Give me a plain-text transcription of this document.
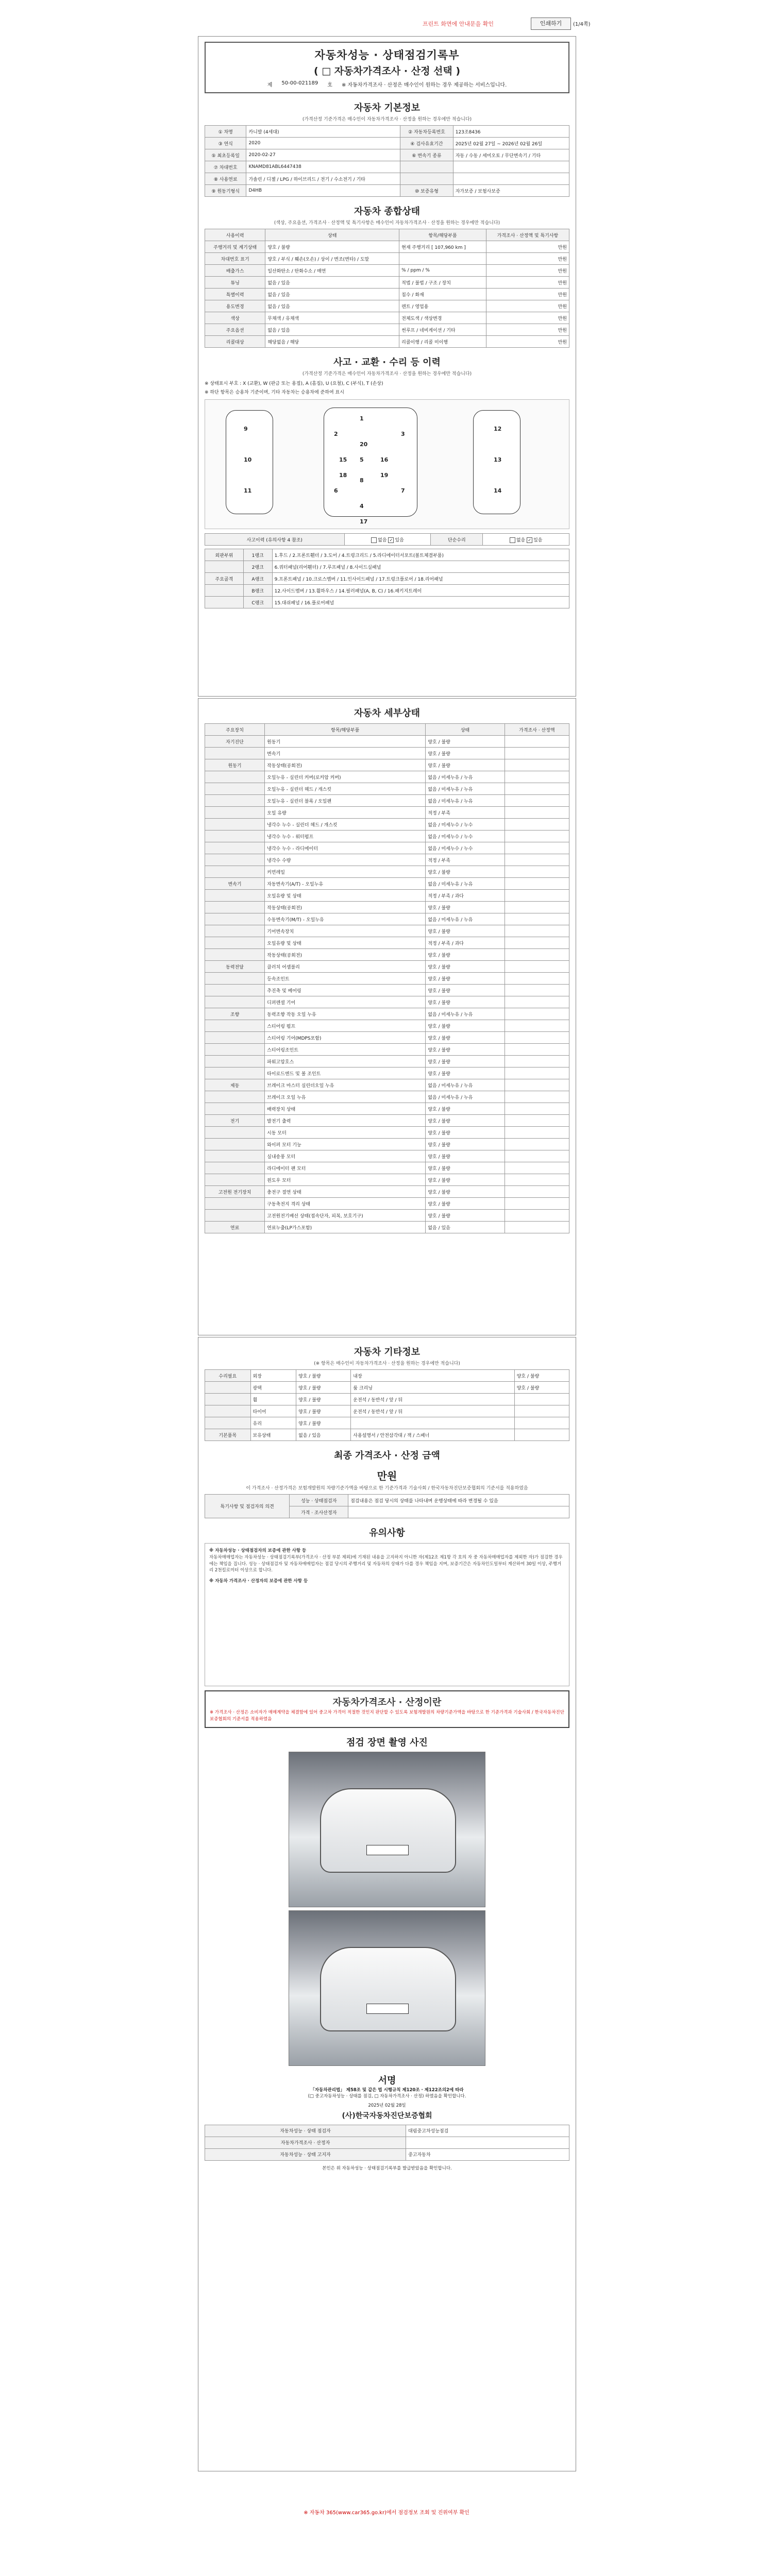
프린트 화면에 안내문을 확인	인쇄하기	(1/4쪽)
자동차성능 · 상태점검기록부
( □ 자동차가격조사 · 산정 선택 )
제 50-00-021189 호 ※ 자동차가격조사 · 산정은 매수인이 원하는 경우 제공하는 서비스입니다.
자동차 기본정보
(가격산정 기준가격은 매수인이 자동차가격조사 · 산정을 원하는 경우에만 적습니다)
① 차명	카니발 (4세대)	② 자동차등록번호	123조8436
③ 연식	2020	④ 검사유효기간	2025년 02월 27일 ~ 2026년 02월 26일
⑤ 최초등록일	2020-02-27	⑥ 변속기 종류	자동 / 수동 / 세미오토 / 무단변속기 / 기타
⑦ 차대번호	KNAMD81ABL6447438		
⑧ 사용연료	가솔린 / 디젤 / LPG / 하이브리드 / 전기 / 수소전기 / 기타		
⑨ 원동기형식	D4HB	⑩ 보증유형	자가보증 / 보험사보증
자동차 종합상태
(색상, 주요옵션, 가격조사 · 산정액 및 특기사항은 매수인이 자동차가격조사 · 산정을 원하는 경우에만 적습니다)
사용이력	상태	항목/해당부품	가격조사 · 산정액 및 특기사항
주행거리 및 계기상태	양호 / 불량	현재 주행거리 [ 107,960 km ]	만원
차대번호 표기	양호 / 부식 / 훼손(오손) / 상이 / 변조(변타) / 도말		만원
배출가스	일산화탄소 / 탄화수소 / 매연	% / ppm / %	만원
튜닝	없음 / 있음	적법 / 불법 / 구조 / 장치	만원
특별이력	없음 / 있음	침수 / 화재	만원
용도변경	없음 / 있음	렌트 / 영업용	만원
색상	무채색 / 유채색	전체도색 / 색상변경	만원
주요옵션	없음 / 있음	썬루프 / 네비게이션 / 기타	만원
리콜대상	해당없음 / 해당	리콜이행 / 리콜 미이행	만원
사고 · 교환 · 수리 등 이력
(가격산정 기준가격은 매수인이 자동차가격조사 · 산정을 원하는 경우에만 적습니다)
※ 상태표시 부호 : X (교환), W (판금 또는 용접), A (흠집), U (요철), C (부식), T (손상)
※ 하단 항목은 승용차 기준이며, 기타 자동차는 승용차에 준하여 표시
1
2	3
4
5
6	7
8
9
10
11
12
13
14
15	16
17
18	19
20
사고이력 (유의사항 4 참조)	없음 ✓ 있음	단순수리	없음 ✓ 있음
외판부위	1랭크	1.후드 / 2.프론트휀더 / 3.도어 / 4.트렁크리드 / 5.라디에이터서포트(볼트체결부품)
	2랭크	6.쿼터패널(리어휀더) / 7.루프패널 / 8.사이드실패널
주요골격	A랭크	9.프론트패널 / 10.크로스멤버 / 11.인사이드패널 / 17.트렁크플로어 / 18.리어패널
	B랭크	12.사이드멤버 / 13.휠하우스 / 14.필러패널(A, B, C) / 16.패키지트레이
	C랭크	15.대쉬패널 / 16.플로어패널
자동차 세부상태
주요장치	항목/해당부품	상태	가격조사 · 산정액
자기진단	원동기	양호 / 불량	
	변속기	양호 / 불량	
원동기	작동상태(공회전)	양호 / 불량	
	오일누유 - 실린더 커버(로커암 커버)	없음 / 미세누유 / 누유	
	오일누유 - 실린더 헤드 / 개스킷	없음 / 미세누유 / 누유	
	오일누유 - 실린더 블록 / 오일팬	없음 / 미세누유 / 누유	
	오일 유량	적정 / 부족	
	냉각수 누수 - 실린더 헤드 / 개스킷	없음 / 미세누수 / 누수	
	냉각수 누수 - 워터펌프	없음 / 미세누수 / 누수	
	냉각수 누수 - 라디에이터	없음 / 미세누수 / 누수	
	냉각수 수량	적정 / 부족	
	커먼레일	양호 / 불량	
변속기	자동변속기(A/T) - 오일누유	없음 / 미세누유 / 누유	
	오일유량 및 상태	적정 / 부족 / 과다	
	작동상태(공회전)	양호 / 불량	
	수동변속기(M/T) - 오일누유	없음 / 미세누유 / 누유	
	기어변속장치	양호 / 불량	
	오일유량 및 상태	적정 / 부족 / 과다	
	작동상태(공회전)	양호 / 불량	
동력전달	클러치 어셈블리	양호 / 불량	
	등속조인트	양호 / 불량	
	추진축 및 베어링	양호 / 불량	
	디퍼렌셜 기어	양호 / 불량	
조향	동력조향 작동 오일 누유	없음 / 미세누유 / 누유	
	스티어링 펌프	양호 / 불량	
	스티어링 기어(MDPS포함)	양호 / 불량	
	스티어링조인트	양호 / 불량	
	파워고압호스	양호 / 불량	
	타이로드엔드 및 볼 조인트	양호 / 불량	
제동	브레이크 마스터 실린더오일 누유	없음 / 미세누유 / 누유	
	브레이크 오일 누유	없음 / 미세누유 / 누유	
	배력장치 상태	양호 / 불량	
전기	발전기 출력	양호 / 불량	
	시동 모터	양호 / 불량	
	와이퍼 모터 기능	양호 / 불량	
	실내송풍 모터	양호 / 불량	
	라디에이터 팬 모터	양호 / 불량	
	윈도우 모터	양호 / 불량	
고전원 전기장치	충전구 절연 상태	양호 / 불량	
	구동축전지 격리 상태	양호 / 불량	
	고전원전기배선 상태(접속단자, 피복, 보호기구)	양호 / 불량	
연료	연료누출(LP가스포함)	없음 / 있음	
자동차 기타정보
(※ 항목은 매수인이 자동차가격조사 · 산정을 원하는 경우에만 적습니다)
수리필요	외장	양호 / 불량	내장	양호 / 불량
	광택	양호 / 불량	룸 크리닝	양호 / 불량
	휠	양호 / 불량	운전석 / 동반석 / 앞 / 뒤	
	타이어	양호 / 불량	운전석 / 동반석 / 앞 / 뒤	
	유리	양호 / 불량		
기본품목	보유상태	없음 / 있음	사용설명서 / 안전삼각대 / 잭 / 스패너	
최종 가격조사 · 산정 금액
만원
이 가격조사 · 산정가격은 보험개발원의 차량기준가액을 바탕으로 한 기준가격과 기술사회 / 한국자동차진단보증협회의 기준서를 적용하였음
특기사항 및 점검자의 의견	성능 · 상태점검자	점검내용은 점검 당시의 상태를 나타내며 운행상태에 따라 변경될 수 있음
	가격 · 조사산정자	
유의사항
※ 자동차성능 · 상태점검자의 보증에 관한 사항 등
자동차매매업자는 자동차성능 · 상태점검기록부(가격조사 · 산정 부분 제외)에 기재된 내용을 고지하지 아니한 자(제12조 제1항 각 호의 자 중 자동차매매업자를 제외한 자)가 점검한 경우에는 책임을 집니다. 성능 · 상태점검자 및 자동차매매업자는 점검 당시의 주행거리 및 자동차의 상태가 다를 경우 책임을 지며, 보증기간은 자동차인도일부터 계산하여 30일 이상, 주행거리 2천킬로미터 이상으로 합니다.
※ 자동차 가격조사 · 산정자의 보증에 관한 사항 등
자동차가격조사 · 산정이란
※ 가격조사 · 산정은 소비자가 매매계약을 체결함에 있어 중고차 가격이 적절한 것인지 판단할 수 있도록 보험개발원의 차량기준가액을 바탕으로 한 기준가격과 기술사회 / 한국자동차진단보증협회의 기준서를 적용하였음
점검 장면 촬영 사진
서명
「자동차관리법」 제58조 및 같은 법 시행규칙 제120조 · 제122조의2에 따라
(□ 중고자동차성능 · 상태를 점검, □ 자동차가격조사 · 산정) 하였음을 확인합니다.
2025년 02월 28일
(사)한국자동차진단보증협회
자동차성능 · 상태 점검자	대림중고차성능점검
자동차가격조사 · 산정자	
자동차성능 · 상태 고지자	중고자동차
본인은 위 자동차성능 · 상태점검기록부를 발급받았음을 확인합니다.
※ 자동차 365(www.car365.go.kr)에서 점검정보 조회 및 진위여부 확인
